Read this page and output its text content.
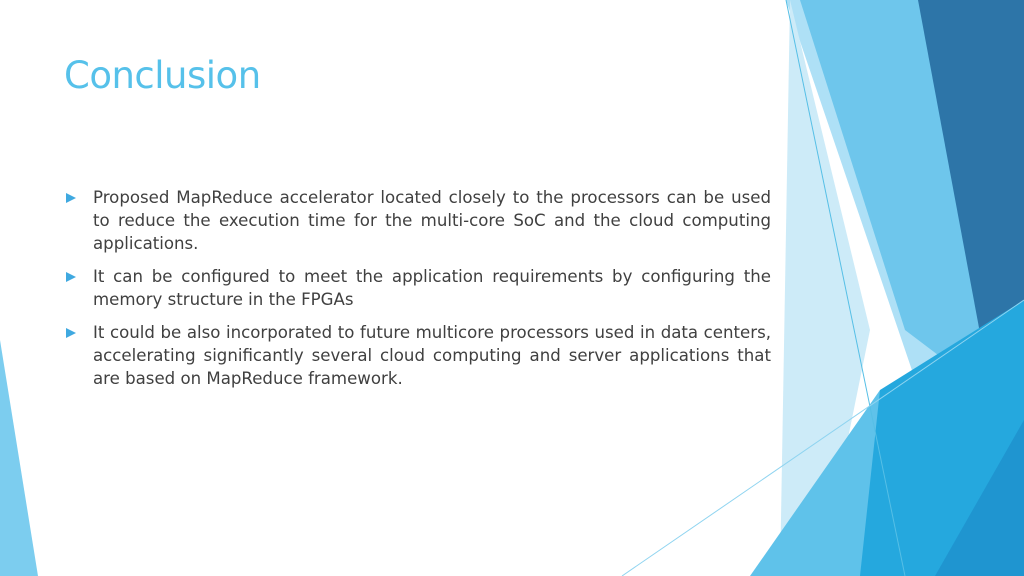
Conclusion
Proposed MapReduce accelerator located closely to the processors can be used to reduce the execution time for the multi-core SoC and the cloud computing applications.
It can be configured to meet the application requirements by configuring the memory structure in the FPGAs
It could be also incorporated to future multicore processors used in data centers, accelerating significantly several cloud computing and server applications that are based on MapReduce framework.
